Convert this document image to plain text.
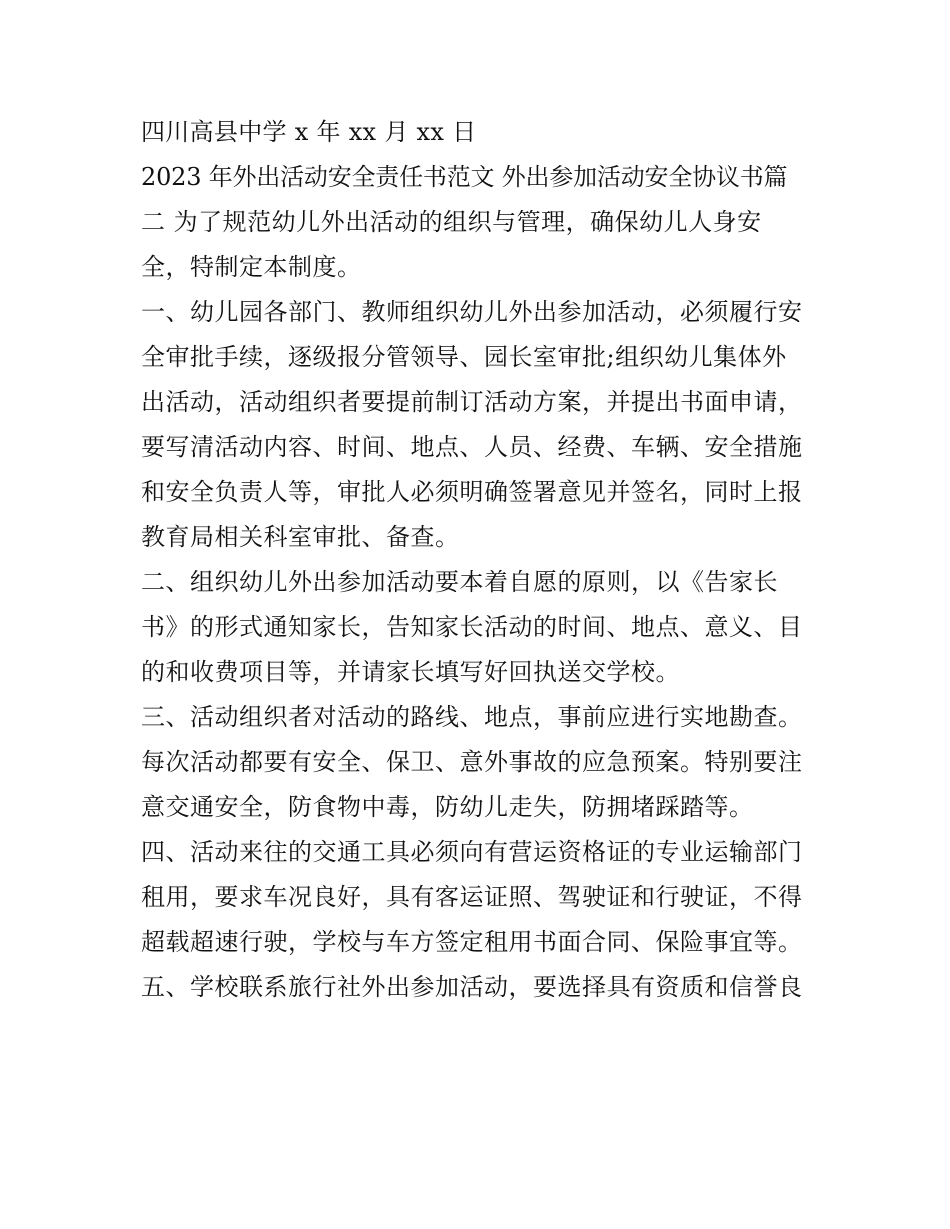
四川高县中学 x 年 xx 月 xx 日
2023 年外出活动安全责任书范文 外出参加活动安全协议书篇
二 为了规范幼儿外出活动的组织与管理，确保幼儿人身安
全，特制定本制度。
一、幼儿园各部门、教师组织幼儿外出参加活动，必须履行安
全审批手续，逐级报分管领导、园长室审批;组织幼儿集体外
出活动，活动组织者要提前制订活动方案，并提出书面申请，
要写清活动内容、时间、地点、人员、经费、车辆、安全措施
和安全负责人等，审批人必须明确签署意见并签名，同时上报
教育局相关科室审批、备查。
二、组织幼儿外出参加活动要本着自愿的原则，以《告家长
书》的形式通知家长，告知家长活动的时间、地点、意义、目
的和收费项目等，并请家长填写好回执送交学校。
三、活动组织者对活动的路线、地点，事前应进行实地勘查。
每次活动都要有安全、保卫、意外事故的应急预案。特别要注
意交通安全，防食物中毒，防幼儿走失，防拥堵踩踏等。
四、活动来往的交通工具必须向有营运资格证的专业运输部门
租用，要求车况良好，具有客运证照、驾驶证和行驶证，不得
超载超速行驶，学校与车方签定租用书面合同、保险事宜等。
五、学校联系旅行社外出参加活动，要选择具有资质和信誉良
